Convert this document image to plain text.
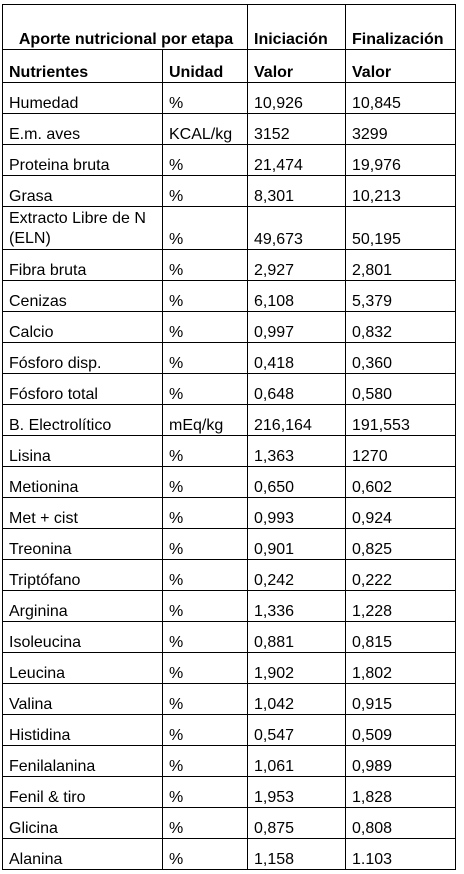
Aporte nutricional por etapa		Iniciación	Finalización
Nutrientes	Unidad	Valor	Valor
Humedad	%	10,926	10,845
E.m. aves	KCAL/kg	3152	3299
Proteina bruta	%	21,474	19,976
Grasa	%	8,301	10,213
Extracto Libre de N (ELN)	%	49,673	50,195
Fibra bruta	%	2,927	2,801
Cenizas	%	6,108	5,379
Calcio	%	0,997	0,832
Fósforo disp.	%	0,418	0,360
Fósforo total	%	0,648	0,580
B. Electrolítico	mEq/kg	216,164	191,553
Lisina	%	1,363	1270
Metionina	%	0,650	0,602
Met + cist	%	0,993	0,924
Treonina	%	0,901	0,825
Triptófano	%	0,242	0,222
Arginina	%	1,336	1,228
Isoleucina	%	0,881	0,815
Leucina	%	1,902	1,802
Valina	%	1,042	0,915
Histidina	%	0,547	0,509
Fenilalanina	%	1,061	0,989
Fenil & tiro	%	1,953	1,828
Glicina	%	0,875	0,808
Alanina	%	1,158	1.103
